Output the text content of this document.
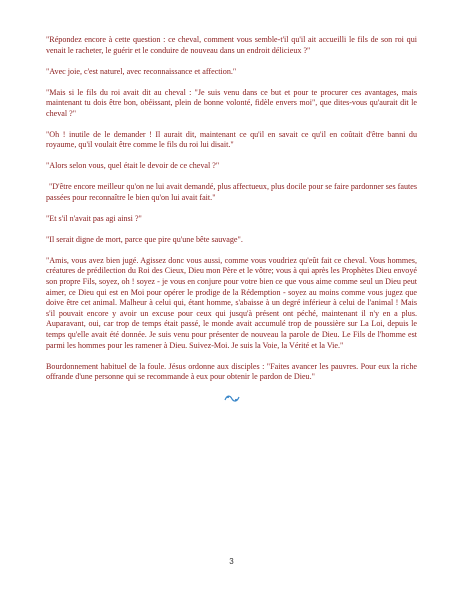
"Répondez encore à cette question : ce cheval, comment vous semble-t'il qu'il ait accueilli le fils de son roi qui venait le racheter, le guérir et le conduire de nouveau dans un endroit délicieux ?"

"Avec joie, c'est naturel, avec reconnaissance et affection."

"Mais si le fils du roi avait dit au cheval : "Je suis venu dans ce but et pour te procurer ces avantages, mais maintenant tu dois être bon, obéissant, plein de bonne volonté, fidèle envers moi", que dites-vous qu'aurait dit le cheval ?"

"Oh ! inutile de le demander ! Il aurait dit, maintenant ce qu'il en savait ce qu'il en coûtait d'être banni du royaume, qu'il voulait être comme le fils du roi lui disait."

"Alors selon vous, quel était le devoir de ce cheval ?"

"D'être encore meilleur qu'on ne lui avait demandé, plus affectueux, plus docile pour se faire pardonner ses fautes passées pour reconnaître le bien qu'on lui avait fait."

"Et s'il n'avait pas agi ainsi ?"

"Il serait digne de mort, parce que pire qu'une bête sauvage".

"Amis, vous avez bien jugé. Agissez donc vous aussi, comme vous voudriez qu'eût fait ce cheval. Vous hommes, créatures de prédilection du Roi des Cieux, Dieu mon Père et le vôtre; vous à qui après les Prophètes Dieu envoyé son propre Fils, soyez, oh ! soyez - je vous en conjure pour votre bien ce que vous aime comme seul un Dieu peut aimer, ce Dieu qui est en Moi pour opérer le prodige de la Rédemption - soyez au moins comme vous jugez que doive être cet animal. Malheur à celui qui, étant homme, s'abaisse à un degré inférieur à celui de l'animal ! Mais s'il pouvait encore y avoir un excuse pour ceux qui jusqu'à présent ont péché, maintenant il n'y en a plus. Auparavant, oui, car trop de temps était passé, le monde avait accumulé trop de poussière sur La Loi, depuis le temps qu'elle avait été donnée. Je suis venu pour présenter de nouveau la parole de Dieu. Le Fils de l'homme est parmi les hommes pour les ramener à Dieu. Suivez-Moi. Je suis la Voie, la Vérité et la Vie."

Bourdonnement habituel de la foule. Jésus ordonne aux disciples : "Faites avancer les pauvres. Pour eux la riche offrande d'une personne qui se recommande à eux pour obtenir le pardon de Dieu."

3
